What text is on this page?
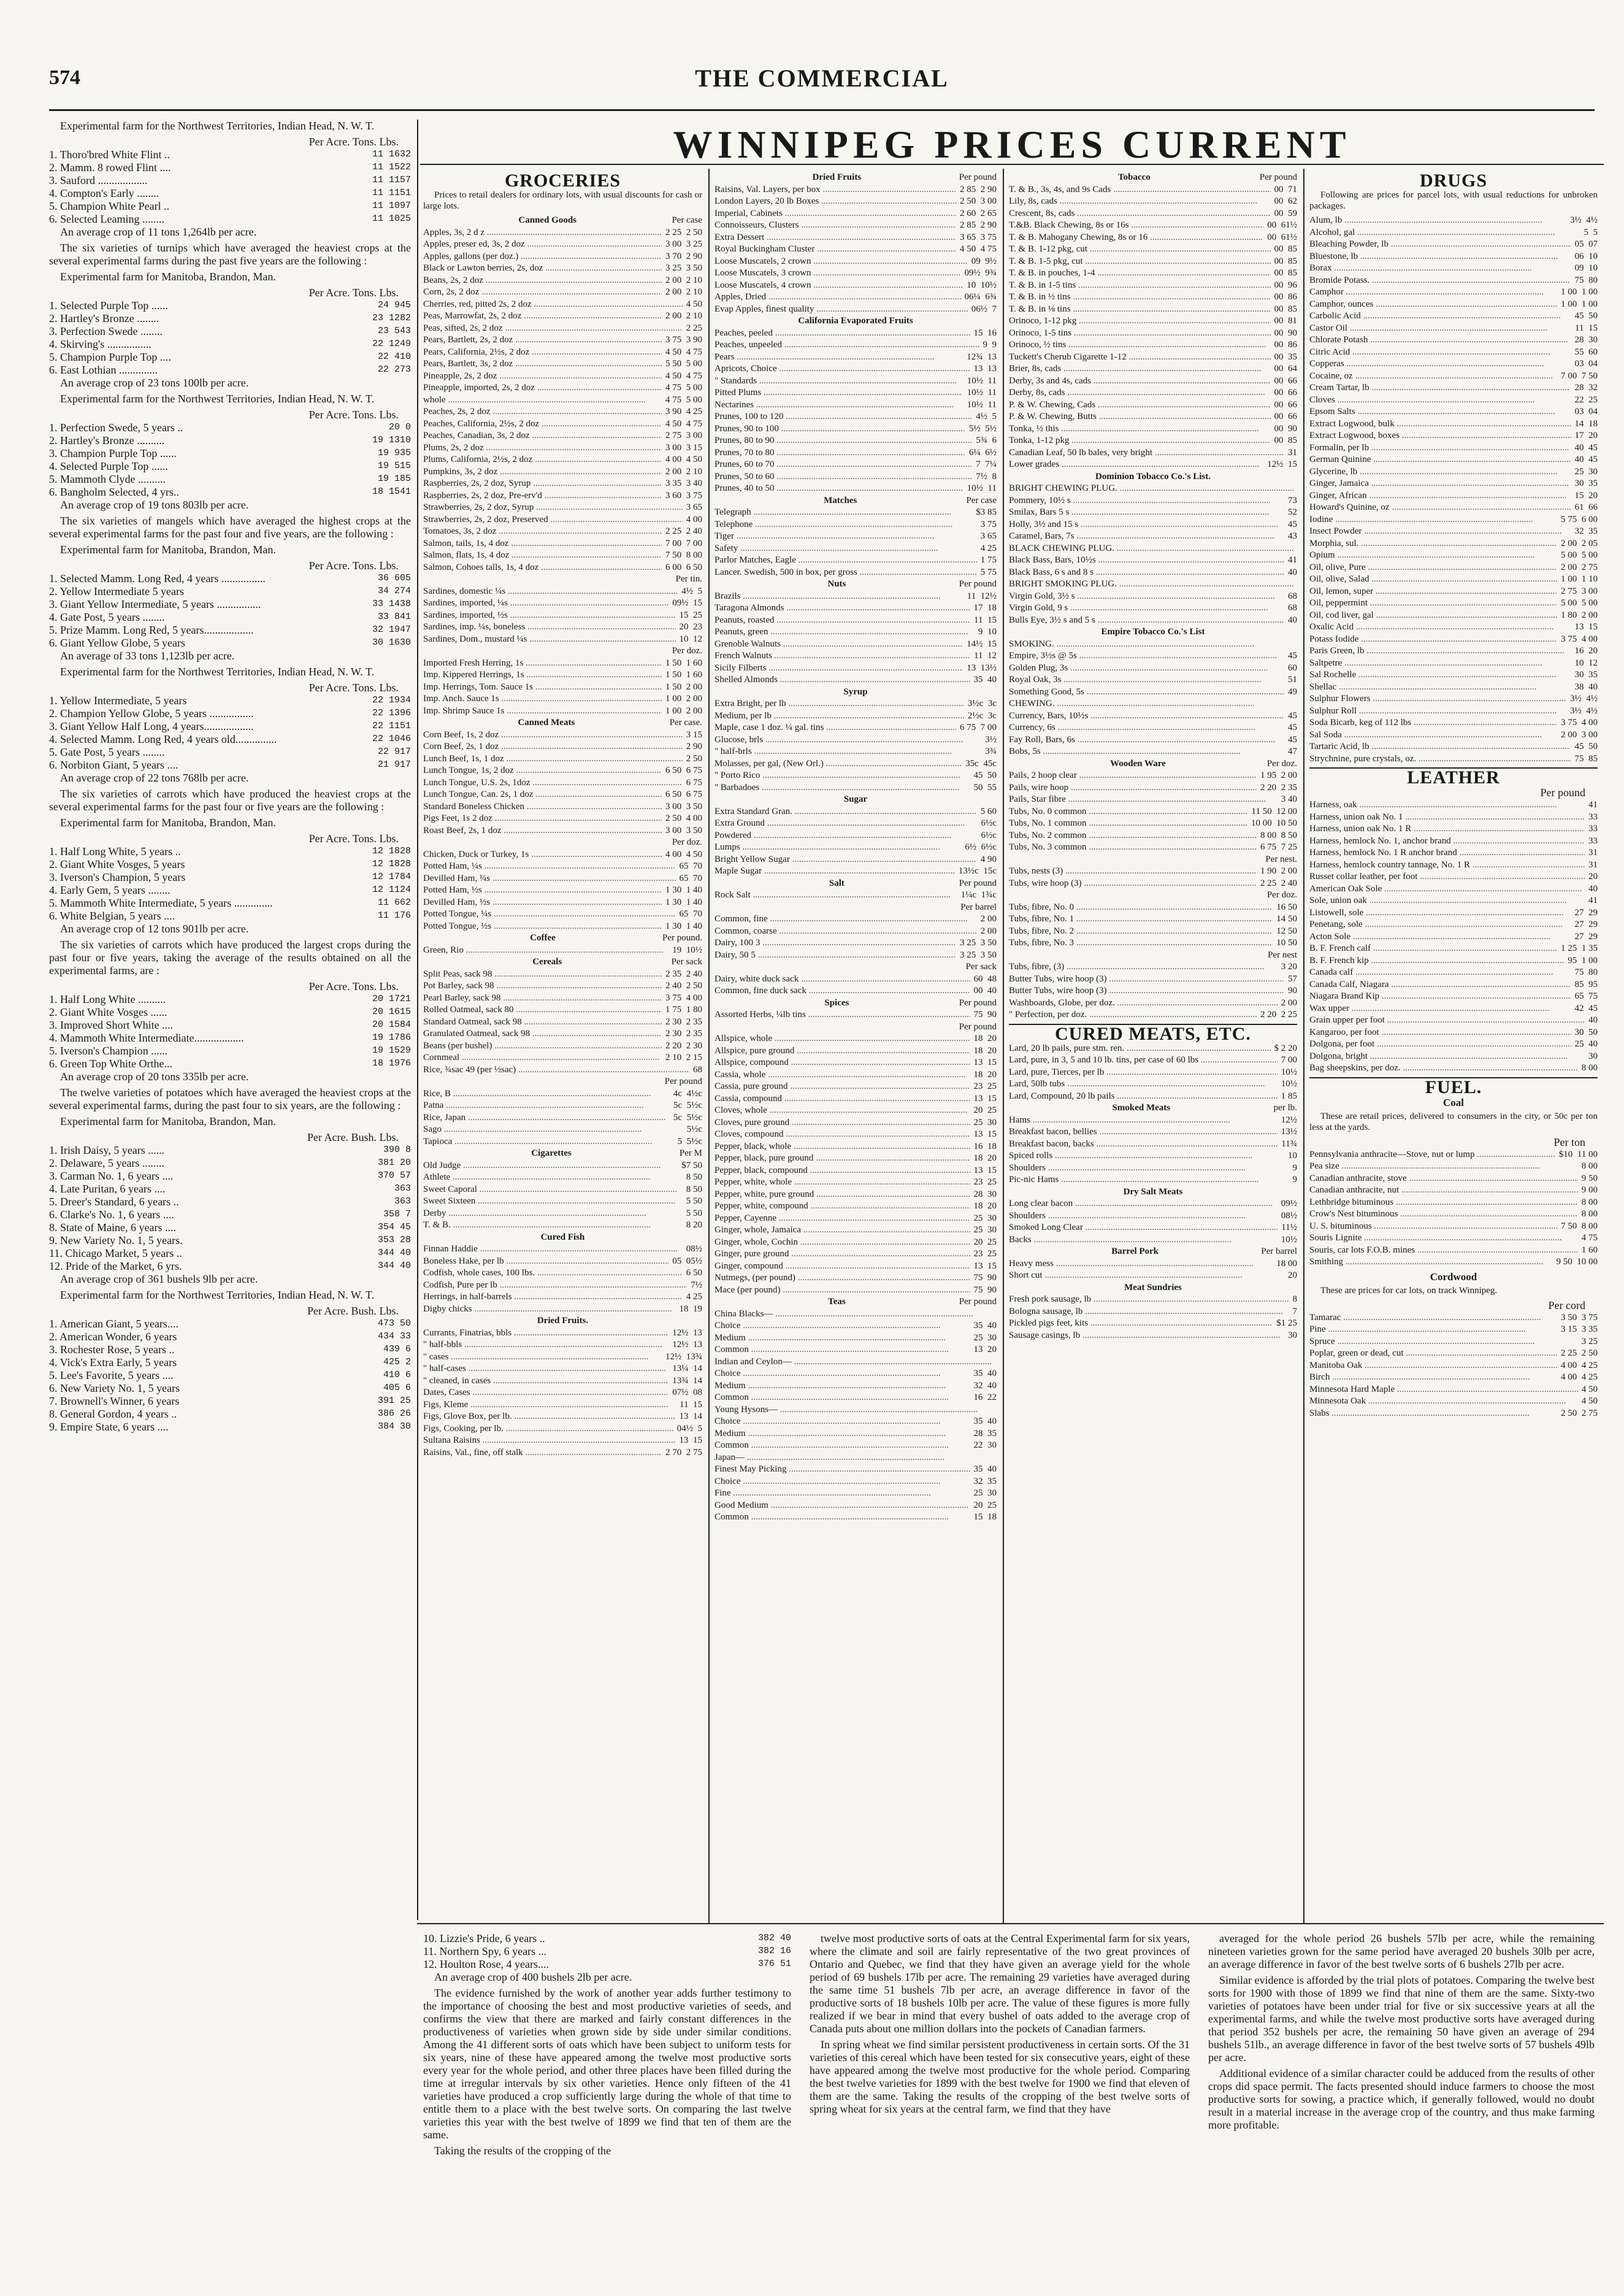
574	THE COMMERCIAL

Experimental farm for the Northwest Territories, Indian Head, N. W. T.

Per Acre. Tons. Lbs.
1. Thoro'bred White Flint ..	11 1632
2. Mamm. 8 rowed Flint ....	11 1522
3. Sauford ..................	11 1157
4. Compton's Early ........	11 1151
5. Champion White Pearl ..	11 1097
6. Selected Leaming ........	11 1025

An average crop of 11 tons 1,264lb per acre.

The six varieties of turnips which have averaged the heaviest crops at the several experimental farms during the past five years are the following :

Experimental farm for Manitoba, Brandon, Man.

Per Acre. Tons. Lbs.
1. Selected Purple Top ......	24 945
2. Hartley's Bronze ........	23 1282
3. Perfection Swede ........	23 543
4. Skirving's ................	22 1249
5. Champion Purple Top ....	22 410
6. East Lothian ..............	22 273

An average crop of 23 tons 100lb per acre.

Experimental farm for the Northwest Territories, Indian Head, N. W. T.

Per Acre. Tons. Lbs.
1. Perfection Swede, 5 years ..	20 0
2. Hartley's Bronze ..........	19 1310
3. Champion Purple Top ......	19 935
4. Selected Purple Top ......	19 515
5. Mammoth Clyde ..........	19 185
6. Bangholm Selected, 4 yrs..	18 1541

An average crop of 19 tons 803lb per acre.

The six varieties of mangels which have averaged the highest crops at the several experimental farms for the past four and five years, are the following :

Experimental farm for Manitoba, Brandon, Man.

Per Acre. Tons. Lbs.
1. Selected Mamm. Long Red, 4 years ................	36 605
2. Yellow Intermediate 5 years	34 274
3. Giant Yellow Intermediate, 5 years ................	33 1438
4. Gate Post, 5 years ........	33 841
5. Prize Mamm. Long Red, 5 years..................	32 1947
6. Giant Yellow Globe, 5 years	30 1630

An average of 33 tons 1,123lb per acre.

Experimental farm for the Northwest Territories, Indian Head, N. W. T.

Per Acre. Tons. Lbs.
1. Yellow Intermediate, 5 years	22 1934
2. Champion Yellow Globe, 5 years ................	22 1396
3. Giant Yellow Half Long, 4 years..................	22 1151
4. Selected Mamm. Long Red, 4 years old...............	22 1046
5. Gate Post, 5 years ........	22 917
6. Norbiton Giant, 5 years ....	21 917

An average crop of 22 tons 768lb per acre.

The six varieties of carrots which have produced the heaviest crops at the several experimental farms for the past four or five years are the following :

Experimental farm for Manitoba, Brandon, Man.

Per Acre. Tons. Lbs.
1. Half Long White, 5 years ..	12 1828
2. Giant White Vosges, 5 years	12 1828
3. Iverson's Champion, 5 years	12 1784
4. Early Gem, 5 years ........	12 1124
5. Mammoth White Intermediate, 5 years ..............	11 662
6. White Belgian, 5 years ....	11 176

An average crop of 12 tons 901lb per acre.

The six varieties of carrots which have produced the largest crops during the past four or five years, taking the average of the results obtained on all the experimental farms, are :

Per Acre. Tons. Lbs.
1. Half Long White ..........	20 1721
2. Giant White Vosges ......	20 1615
3. Improved Short White ....	20 1584
4. Mammoth White Intermediate..................	19 1786
5. Iverson's Champion ......	19 1529
6. Green Top White Orthe...	18 1976

An average crop of 20 tons 335lb per acre.

The twelve varieties of potatoes which have averaged the heaviest crops at the several experimental farms, during the past four to six years, are the following :

Experimental farm for Manitoba, Brandon, Man.

Per Acre. Bush. Lbs.
1. Irish Daisy, 5 years ......	390 8
2. Delaware, 5 years ........	381 20
3. Carman No. 1, 6 years ....	370 57
4. Late Puritan, 6 years ....	363
5. Dreer's Standard, 6 years ..	363
6. Clarke's No. 1, 6 years ....	358 7
8. State of Maine, 6 years ....	354 45
9. New Variety No. 1, 5 years.	353 28
11. Chicago Market, 5 years ..	344 40
12. Pride of the Market, 6 yrs.	344 40

An average crop of 361 bushels 9lb per acre.

Experimental farm for the Northwest Territories, Indian Head, N. W. T.

Per Acre. Bush. Lbs.
1. American Giant, 5 years....	473 50
2. American Wonder, 6 years	434 33
3. Rochester Rose, 5 years ..	439 6
4. Vick's Extra Early, 5 years	425 2
5. Lee's Favorite, 5 years ....	410 6
6. New Variety No. 1, 5 years	405 6
7. Brownell's Winner, 6 years	391 25
8. General Gordon, 4 years ..	386 26
9. Empire State, 6 years ....	384 30
WINNIPEG PRICES CURRENT
GROCERIES

Prices to retail dealers for ordinary lots, with usual discounts for cash or large lots.

Canned Goods	Per case
Apples, 3s, 2 d z .....	2 25  2 50
Apples, preser ed, 3s, 2 doz .....	3 00  3 25
Apples, gallons (per doz.) .....	3 70  2 90
Black or Lawton berries, 2s, doz .....	3 25  3 50
Beans, 2s, 2 doz .....	2 00  2 10
Corn, 2s, 2 doz .....	2 00  2 10
Cherries, red, pitted 2s, 2 doz .....	4 50
Peas, Marrowfat, 2s, 2 doz .....	2 00  2 10
Peas, sifted, 2s, 2 doz .....	2 25
Pears, Bartlett, 2s, 2 doz .....	3 75  3 90
Pears, California, 2½s, 2 doz .....	4 50  4 75
Pears, Bartlett, 3s, 2 doz .....	5 50  5 00
Pineapple, 2s, 2 doz .....	4 50  4 75
Pineapple, imported, 2s, 2 doz .....	4 75  5 00
whole .....	4 75  5 00
Peaches, 2s, 2 doz .....	3 90  4 25
Peaches, California, 2½s, 2 doz .....	4 50  4 75
Peaches, Canadian, 3s, 2 doz .....	2 75  3 00
Plums, 2s, 2 doz .....	3 00  3 15
Plums, California, 2½s, 2 doz .....	4 00  4 50
Pumpkins, 3s, 2 doz .....	2 00  2 10
Raspberries, 2s, 2 doz, Syrup .....	3 35  3 40
Raspberries, 2s, 2 doz, Pre-erv'd .....	3 60  3 75
Strawberries, 2s, 2 doz, Syrup .....	3 65
Strawberries, 2s, 2 doz, Preserved .....	4 00
Tomatoes, 3s, 2 doz .....	2 25  2 40
Salmon, tails, 1s, 4 doz .....	7 00  7 00
Salmon, flats, 1s, 4 doz .....	7 50  8 00
Salmon, Cohoes talls, 1s, 4 doz .....	6 00  6 50
Per tin.
Sardines, domestic ¼s .....	4½  5
Sardines, imported, ¼s .....	09½  15
Sardines, imported, ½s .....	15  25
Sardines, imp. ¼s, boneless .....	20  23
Sardines, Dom., mustard ¼s .....	10  12
Per doz.
Imported Fresh Herring, 1s .....	1 50  1 60
Imp. Kippered Herrings, 1s .....	1 50  1 60
Imp. Herrings, Tom. Sauce 1s .....	1 50  2 00
Imp. Anch. Sauce 1s .....	1 00  2 00
Imp. Shrimp Sauce 1s .....	1 00  2 00
Canned Meats	Per case.
Corn Beef, 1s, 2 doz .....	3 15
Corn Beef, 2s, 1 doz .....	2 90
Lunch Beef, 1s, 1 doz .....	2 50
Lunch Tongue, 1s, 2 doz .....	6 50  6 75
Lunch Tongue, U.S. 2s, 1doz .....	6 75
Lunch Tongue, Can. 2s, 1 doz .....	6 50  6 75
Standard Boneless Chicken .....	3 00  3 50
Pigs Feet, 1s 2 doz .....	2 50  4 00
Roast Beef, 2s, 1 doz .....	3 00  3 50
Per doz.
Chicken, Duck or Turkey, 1s .....	4 00  4 50
Potted Ham, ¼s .....	65  70
Devilled Ham, ¼s .....	65  70
Potted Ham, ½s .....	1 30  1 40
Devilled Ham, ½s .....	1 30  1 40
Potted Tongue, ¼s .....	65  70
Potted Tongue, ½s .....	1 30  1 40
Coffee	Per pound.
Green, Rio .....	19  10½
Cereals	Per sack
Split Peas, sack 98 .....	2 35  2 40
Pot Barley, sack 98 .....	2 40  2 50
Pearl Barley, sack 98 .....	3 75  4 00
Rolled Oatmeal, sack 80 .....	1 75  1 80
Standard Oatmeal, sack 98 .....	2 30  2 35
Granulated Oatmeal, sack 98 .....	2 30  2 35
Beans (per bushel) .....	2 20  2 30
Cornmeal .....	2 10  2 15
Rice, ¾sac 49 (per ½sac) .....	68
Per pound
Rice, B .....	4c  4½c
Patna .....	5c  5½c
Rice, Japan .....	5c  5½c
Sago .....	5½c
Tapioca .....	5  5½c
Cigarettes	Per M
Old Judge .....	$7 50
Athlete .....	8 50
Sweet Caporal .....	8 50
Sweet Sixteen .....	5 50
Derby .....	5 50
T. & B. .....	8 20
Cured Fish
Finnan Haddie .....	08½
Boneless Hake, per lb .....	05  05½
Codfish, whole cases, 100 lbs. .....	6 50
Codfish, Pure per lb .....	7½
Herrings, in half-barrels .....	4 25
Digby chicks .....	18  19
Dried Fruits.
Currants, Finatrias, bbls .....	12½  13
" half-bbls .....	12½  13
" cases .....	12½  13¾
" half-cases .....	13¼  14
" cleaned, in cases .....	13¾  14
Dates, Cases .....	07½  08
Figs, Kleme .....	11  15
Figs, Glove Box, per lb. .....	13  14
Figs, Cooking, per lb. .....	04½  5
Sultana Raisins .....	13  15
Raisins, Val., fine, off stalk .....	2 70  2 75
Dried Fruits	Per pound
Raisins, Val. Layers, per box .....	2 85  2 90
London Layers, 20 lb Boxes .....	2 50  3 00
Imperial, Cabinets .....	2 60  2 65
Connoisseurs, Clusters .....	2 85  2 90
Extra Dessert .....	3 65  3 75
Royal Buckingham Cluster .....	4 50  4 75
Loose Muscatels, 2 crown .....	09  9½
Loose Muscatels, 3 crown .....	09½  9¾
Loose Muscatels, 4 crown .....	10  10½
Apples, Dried .....	06¼  6¾
Evap Apples, finest quality .....	06½  7
California Evaporated Fruits
Peaches, peeled .....	15  16
Peaches, unpeeled .....	9  9
Pears .....	12¾  13
Apricots, Choice .....	13  13
" Standards .....	10½  11
Pitted Plums .....	10½  11
Nectarines .....	10½  11
Prunes, 100 to 120 .....	4½  5
Prunes, 90 to 100 .....	5½  5½
Prunes, 80 to 90 .....	5¾  6
Prunes, 70 to 80 .....	6¼  6½
Prunes, 60 to 70 .....	7  7¼
Prunes, 50 to 60 .....	7½  8
Prunes, 40 to 50 .....	10½  11
Matches	Per case
Telegraph .....	$3 85
Telephone .....	3 75
Tiger .....	3 65
Safety .....	4 25
Parlor Matches, Eagle .....	1 75
Lancer. Swedish, 500 in box, per gross .....	5 75
Nuts	Per pound
Brazils .....	11  12½
Taragona Almonds .....	17  18
Peanuts, roasted .....	11  15
Peanuts, green .....	9  10
Grenoble Walnuts .....	14½  15
French Walnuts .....	11  12
Sicily Filberts .....	13  13½
Shelled Almonds .....	35  40
Syrup
Extra Bright, per lb .....	3½c  3c
Medium, per lb .....	2½c  3c
Maple, case 1 doz. ¼ gal. tins .....	6 75  7 00
Glucose, brls .....	3½
" half-brls .....	3¾
Molasses, per gal, (New Orl.) .....	35c  45c
" Porto Rico .....	45  50
" Barbadoes .....	50  55
Sugar
Extra Standard Gran. .....	5 60
Extra Ground .....	6½c
Powdered .....	6½c
Lumps .....	6½  6½c
Bright Yellow Sugar .....	4 90
Maple Sugar .....	13½c  15c
Salt	Per pound
Rock Salt .....	1¼c  1¾c
Per barrel
Common, fine .....	2 00
Common, coarse .....	2 00
Dairy, 100 3 .....	3 25  3 50
Dairy, 50 5 .....	3 25  3 50
Per sack
Dairy, white duck sack .....	60  48
Common, fine duck sack .....	00  40
Spices	Per pound
Assorted Herbs, ¼lb tins .....	75  90
Per pound
Allspice, whole .....	18  20
Allspice, pure ground .....	18  20
Allspice, compound .....	13  15
Cassia, whole .....	18  20
Cassia, pure ground .....	23  25
Cassia, compound .....	13  15
Cloves, whole .....	20  25
Cloves, pure ground .....	25  30
Cloves, compound .....	13  15
Pepper, black, whole .....	16  18
Pepper, black, pure ground .....	18  20
Pepper, black, compound .....	13  15
Pepper, white, whole .....	23  25
Pepper, white, pure ground .....	28  30
Pepper, white, compound .....	18  20
Pepper, Cayenne .....	25  30
Ginger, whole, Jamaica .....	25  30
Ginger, whole, Cochin .....	20  25
Ginger, pure ground .....	23  25
Ginger, compound .....	13  15
Nutmegs, (per pound) .....	75  90
Mace (per pound) .....	75  90
Teas	Per pound
China Blacks— .....
Choice .....	35  40
Medium .....	25  30
Common .....	13  20
Indian and Ceylon— .....
Choice .....	35  40
Medium .....	32  40
Common .....	16  22
Young Hysons— .....
Choice .....	35  40
Medium .....	28  35
Common .....	22  30
Japan— .....
Finest May Picking .....	35  40
Choice .....	32  35
Fine .....	25  30
Good Medium .....	20  25
Common .....	15  18
Tobacco	Per pound
T. & B., 3s, 4s, and 9s Cads .....	00  71
Lily, 8s, cads .....	00  62
Crescent, 8s, cads .....	00  59
T.&B. Black Chewing, 8s or 16s .....	00  61½
T. & B. Mahogany Chewing, 8s or 16 .....	00  61½
T. & B. 1-12 pkg, cut .....	00  85
T. & B. 1-5 pkg, cut .....	00  85
T. & B. in pouches, 1-4 .....	00  85
T. & B. in 1-5 tins .....	00  96
T. & B. in ½ tins .....	00  86
T. & B. in ⅛ tins .....	00  85
Orinoco, 1-12 pkg .....	00  81
Orinoco, 1-5 tins .....	00  90
Orinoco, ½ tins .....	00  86
Tuckett's Cherub Cigarette 1-12 .....	00  35
Brier, 8s, cads .....	00  64
Derby, 3s and 4s, cads .....	00  66
Derby, 8s, cads .....	00  66
P. & W. Chewing, Cads .....	00  66
P. & W. Chewing, Butts .....	00  66
Tonka, ½ this .....	00  90
Tonka, 1-12 pkg .....	00  85
Canadian Leaf, 50 lb bales, very bright .....	31
Lower grades .....	12½  15
Dominion Tobacco Co.'s List.
BRIGHT CHEWING PLUG. .....
Pommery, 10½ s .....	73
Smilax, Bars 5 s .....	52
Holly, 3½ and 15 s .....	45
Caramel, Bars, 7s .....	43
BLACK CHEWING PLUG. .....
Black Bass, Bars, 10½s .....	41
Black Bass, 6 s and 8 s .....	40
BRIGHT SMOKING PLUG. .....
Virgin Gold, 3½ s .....	68
Virgin Gold, 9 s .....	68
Bulls Eye, 3½ s and 5 s .....	40
Empire Tobacco Co.'s List
SMOKING. .....
Empire, 3½s @ 5s .....	45
Golden Plug, 3s .....	60
Royal Oak, 3s .....	51
Something Good, 5s .....	49
CHEWING. .....
Currency, Bars, 10½s .....	45
Currency, 6s .....	45
Fay Roll, Bars, 6s .....	45
Bobs, 5s .....	47
Wooden Ware	Per doz.
Pails, 2 hoop clear .....	1 95  2 00
Pails, wire hoop .....	2 20  2 35
Pails, Star fibre .....	3 40
Tubs, No. 0 common .....	11 50  12 00
Tubs, No. 1 common .....	10 00  10 50
Tubs, No. 2 common .....	8 00  8 50
Tubs, No. 3 common .....	6 75  7 25
Per nest.
Tubs, nests (3) .....	1 90  2 00
Tubs, wire hoop (3) .....	2 25  2 40
Per doz.
Tubs, fibre, No. 0 .....	16 50
Tubs, fibre, No. 1 .....	14 50
Tubs, fibre, No. 2 .....	12 50
Tubs, fibre, No. 3 .....	10 50
Per nest
Tubs, fibre, (3) .....	3 20
Butter Tubs, wire hoop (3) .....	57
Butter Tubs, wire hoop (3) .....	90
Washboards, Globe, per doz. .....	2 00
" Perfection, per doz. .....	2 20  2 25
CURED MEATS, ETC.
Lard, 20 lb pails, pure stm. ren. .....	$ 2 20
Lard, pure, in 3, 5 and 10 lb. tins, per case of 60 lbs .....	7 00
Lard, pure, Tierces, per lb .....	10½
Lard, 50lb tubs .....	10½
Lard, Compound, 20 lb pails .....	1 85
Smoked Meats	per lb.
Hams .....	12½
Breakfast bacon, bellies .....	13½
Breakfast bacon, backs .....	11¾
Spiced rolls .....	10
Shoulders .....	9
Pic-nic Hams .....	9
Dry Salt Meats
Long clear bacon .....	09½
Shoulders .....	08½
Smoked Long Clear .....	11½
Backs .....	10½
Barrel Pork	Per barrel
Heavy mess .....	18 00
Short cut .....	20
Meat Sundries
Fresh pork sausage, lb .....	8
Bologna sausage, lb .....	7
Pickled pigs feet, kits .....	$1 25
Sausage casings, lb .....	30
DRUGS

Following are prices for parcel lots, with usual reductions for unbroken packages.

Alum, lb .....	3½  4½
Alcohol, gal .....	5  5
Bleaching Powder, lb .....	05  07
Bluestone, lb .....	06  10
Borax .....	09  10
Bromide Potass. .....	75  80
Camphor .....	1 00  1 00
Camphor, ounces .....	1 00  1 00
Carbolic Acid .....	45  50
Castor Oil .....	11  15
Chlorate Potash .....	28  30
Citric Acid .....	55  60
Copperas .....	03  04
Cocaine, oz .....	7 00  7 50
Cream Tartar, lb .....	28  32
Cloves .....	22  25
Epsom Salts .....	03  04
Extract Logwood, bulk .....	14  18
Extract Logwood, boxes .....	17  20
Formalin, per lb .....	40  45
German Quinine .....	40  45
Glycerine, lb .....	25  30
Ginger, Jamaica .....	30  35
Ginger, African .....	15  20
Howard's Quinine, oz .....	61  66
Iodine .....	5 75  6 00
Insect Powder .....	32  35
Morphia, sul. .....	2 00  2 05
Opium .....	5 00  5 00
Oil, olive, Pure .....	2 00  2 75
Oil, olive, Salad .....	1 00  1 10
Oil, lemon, super .....	2 75  3 00
Oil, peppermint .....	5 00  5 00
Oil, cod liver, gal .....	1 80  2 00
Oxalic Acid .....	13  15
Potass Iodide .....	3 75  4 00
Paris Green, lb .....	16  20
Saltpetre .....	10  12
Sal Rochelle .....	30  35
Shellac .....	38  40
Sulphur Flowers .....	3½  4½
Sulphur Roll .....	3½  4½
Soda Bicarb, keg of 112 lbs .....	3 75  4 00
Sal Soda .....	2 00  3 00
Tartaric Acid, lb .....	45  50
Strychnine, pure crystals, oz. .....	75  85
LEATHER
Per pound
Harness, oak .....	41
Harness, union oak No. 1 .....	33
Harness, union oak No. 1 R .....	33
Harness, hemlock No. 1, anchor brand .....	33
Harness, hemlock No. 1 R anchor brand .....	31
Harness, hemlock country tannage, No. 1 R .....	31
Russet collar leather, per foot .....	20
American Oak Sole .....	40
Sole, union oak .....	41
Listowell, sole .....	27  29
Penetang, sole .....	27  29
Acton Sole .....	27  29
B. F. French calf .....	1 25  1 35
B. F. French kip .....	95  1 00
Canada calf .....	75  80
Canada Calf, Niagara .....	85  95
Niagara Brand Kip .....	65  75
Wax upper .....	42  45
Grain upper per foot .....	40
Kangaroo, per foot .....	30  50
Dolgona, per foot .....	25  40
Dolgona, bright .....	30
Bag sheepskins, per doz. .....	8 00
FUEL.
Coal

These are retail prices, delivered to consumers in the city, or 50c per ton less at the yards.

Per ton
Pennsylvania anthracite—Stove, nut or lump .....	$10  11 00
Pea size .....	8 00
Canadian anthracite, stove .....	9 50
Canadian anthracite, nut .....	9 00
Lethbridge bituminous .....	8 00
Crow's Nest bituminous .....	8 00
U. S. bituminous .....	7 50  8 00
Souris Lignite .....	4 75
Souris, car lots F.O.B. mines .....	1 60
Smithing .....	9 50  10 00
Cordwood

These are prices for car lots, on track Winnipeg.

Per cord
Tamarac .....	3 50  3 75
Pine .....	3 15  3 35
Spruce .....	3 25
Poplar, green or dead, cut .....	2 25  2 50
Manitoba Oak .....	4 00  4 25
Birch .....	4 00  4 25
Minnesota Hard Maple .....	4 50
Minnesota Oak .....	4 50
Slabs .....	2 50  2 75
10. Lizzie's Pride, 6 years ..	382 40
11. Northern Spy, 6 years ...	382 16
12. Houlton Rose, 4 years....	376 51

An average crop of 400 bushels 2lb per acre.

The evidence furnished by the work of another year adds further testimony to the importance of choosing the best and most productive varieties of seeds, and confirms the view that there are marked and fairly constant differences in the productiveness of varieties when grown side by side under similar conditions. Among the 41 different sorts of oats which have been subject to uniform tests for six years, nine of these have appeared among the twelve most productive sorts every year for the whole period, and other three places have been filled during the time at irregular intervals by six other varieties. Hence only fifteen of the 41 varieties have produced a crop sufficiently large during the whole of that time to entitle them to a place with the best twelve sorts. On comparing the last twelve varieties this year with the best twelve of 1899 we find that ten of them are the same.

Taking the results of the cropping of the

twelve most productive sorts of oats at the Central Experimental farm for six years, where the climate and soil are fairly representative of the two great provinces of Ontario and Quebec, we find that they have given an average yield for the whole period of 69 bushels 17lb per acre. The remaining 29 varieties have averaged during the same time 51 bushels 7lb per acre, an average difference in favor of the productive sorts of 18 bushels 10lb per acre. The value of these figures is more fully realized if we bear in mind that every bushel of oats added to the average crop of Canada puts about one million dollars into the pockets of Canadian farmers.

In spring wheat we find similar persistent productiveness in certain sorts. Of the 31 varieties of this cereal which have been tested for six consecutive years, eight of these have appeared among the twelve most productive for the whole period. Comparing the best twelve varieties for 1899 with the best twelve for 1900 we find that eleven of them are the same. Taking the results of the cropping of the best twelve sorts of spring wheat for six years at the central farm, we find that they have

averaged for the whole period 26 bushels 57lb per acre, while the remaining nineteen varieties grown for the same period have averaged 20 bushels 30lb per acre, an average difference in favor of the best twelve sorts of 6 bushels 27lb per acre.

Similar evidence is afforded by the trial plots of potatoes. Comparing the twelve best sorts for 1900 with those of 1899 we find that nine of them are the same. Sixty-two varieties of potatoes have been under trial for five or six successive years at all the experimental farms, and while the twelve most productive sorts have averaged during that period 352 bushels per acre, the remaining 50 have given an average of 294 bushels 51lb., an average difference in favor of the best twelve sorts of 57 bushels 49lb per acre.

Additional evidence of a similar character could be adduced from the results of other crops did space permit. The facts presented should induce farmers to choose the most productive sorts for sowing, a practice which, if generally followed, would no doubt result in a material increase in the average crop of the country, and thus make farming more profitable.
